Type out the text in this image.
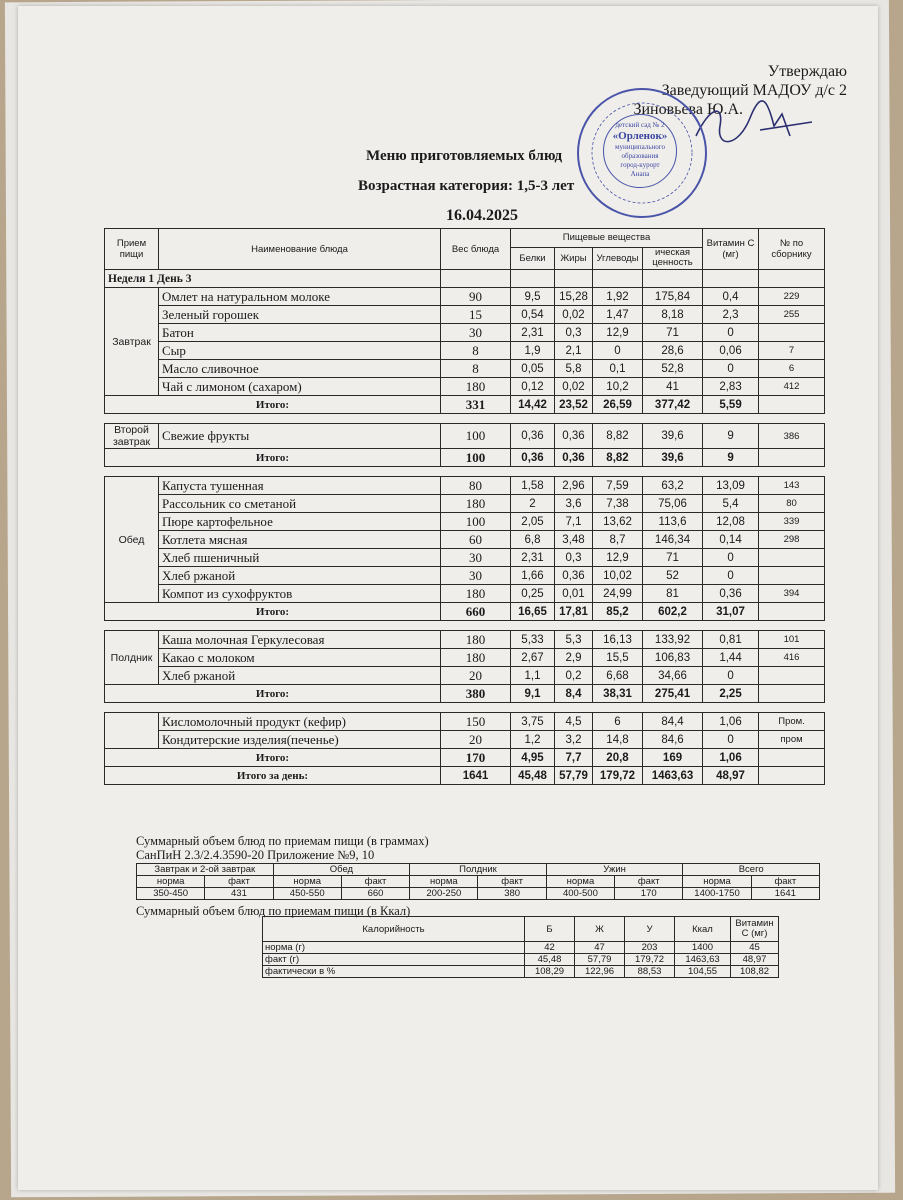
Утверждаю
Заведующий МАДОУ д/с 2
Зиновьева Ю.А.
детский сад № 2
«Орленок»
муниципального
образования
город-курорт
Анапа
Меню приготовляемых блюд
Возрастная категория: 1,5-3 лет
16.04.2025
Прием пищи	Наименование блюда	Вес блюда	Пищевые вещества				Витамин С (мг)	№ по сборнику
			Белки	Жиры	Углеводы	ическая ценность		
Неделя 1 День 3								
Завтрак	Омлет на натуральном молоке	90	9,5	15,28	1,92	175,84	0,4	229
	Зеленый горошек	15	0,54	0,02	1,47	8,18	2,3	255
	Батон	30	2,31	0,3	12,9	71	0	
	Сыр	8	1,9	2,1	0	28,6	0,06	7
	Масло сливочное	8	0,05	5,8	0,1	52,8	0	6
	Чай с лимоном (сахаром)	180	0,12	0,02	10,2	41	2,83	412
Итого:		331	14,42	23,52	26,59	377,42	5,59	

Второй завтрак	Свежие фрукты	100	0,36	0,36	8,82	39,6	9	386
Итого:		100	0,36	0,36	8,82	39,6	9	

Обед	Капуста тушенная	80	1,58	2,96	7,59	63,2	13,09	143
	Рассольник со сметаной	180	2	3,6	7,38	75,06	5,4	80
	Пюре картофельное	100	2,05	7,1	13,62	113,6	12,08	339
	Котлета мясная	60	6,8	3,48	8,7	146,34	0,14	298
	Хлеб пшеничный	30	2,31	0,3	12,9	71	0	
	Хлеб ржаной	30	1,66	0,36	10,02	52	0	
	Компот из сухофруктов	180	0,25	0,01	24,99	81	0,36	394
Итого:		660	16,65	17,81	85,2	602,2	31,07	

Полдник	Каша молочная Геркулесовая	180	5,33	5,3	16,13	133,92	0,81	101
	Какао с молоком	180	2,67	2,9	15,5	106,83	1,44	416
	Хлеб ржаной	20	1,1	0,2	6,68	34,66	0	
Итого:		380	9,1	8,4	38,31	275,41	2,25	

	Кисломолочный продукт (кефир)	150	3,75	4,5	6	84,4	1,06	Пром.
	Кондитерские изделия(печенье)	20	1,2	3,2	14,8	84,6	0	пром
Итого:		170	4,95	7,7	20,8	169	1,06	
Итого за день:		1641	45,48	57,79	179,72	1463,63	48,97	
Суммарный объем блюд по приемам пищи (в граммах)
СанПиН 2.3/2.4.3590-20 Приложение №9, 10
Завтрак и 2-ой завтрак		Обед		Полдник		Ужин		Всего	
норма	факт	норма	факт	норма	факт	норма	факт	норма	факт
350-450	431	450-550	660	200-250	380	400-500	170	1400-1750	1641
Суммарный объем блюд по приемам пищи (в Ккал)
Калорийность	Б	Ж	У	Ккал	Витамин С (мг)
норма (г)	42	47	203	1400	45
факт (г)	45,48	57,79	179,72	1463,63	48,97
фактически в %	108,29	122,96	88,53	104,55	108,82
